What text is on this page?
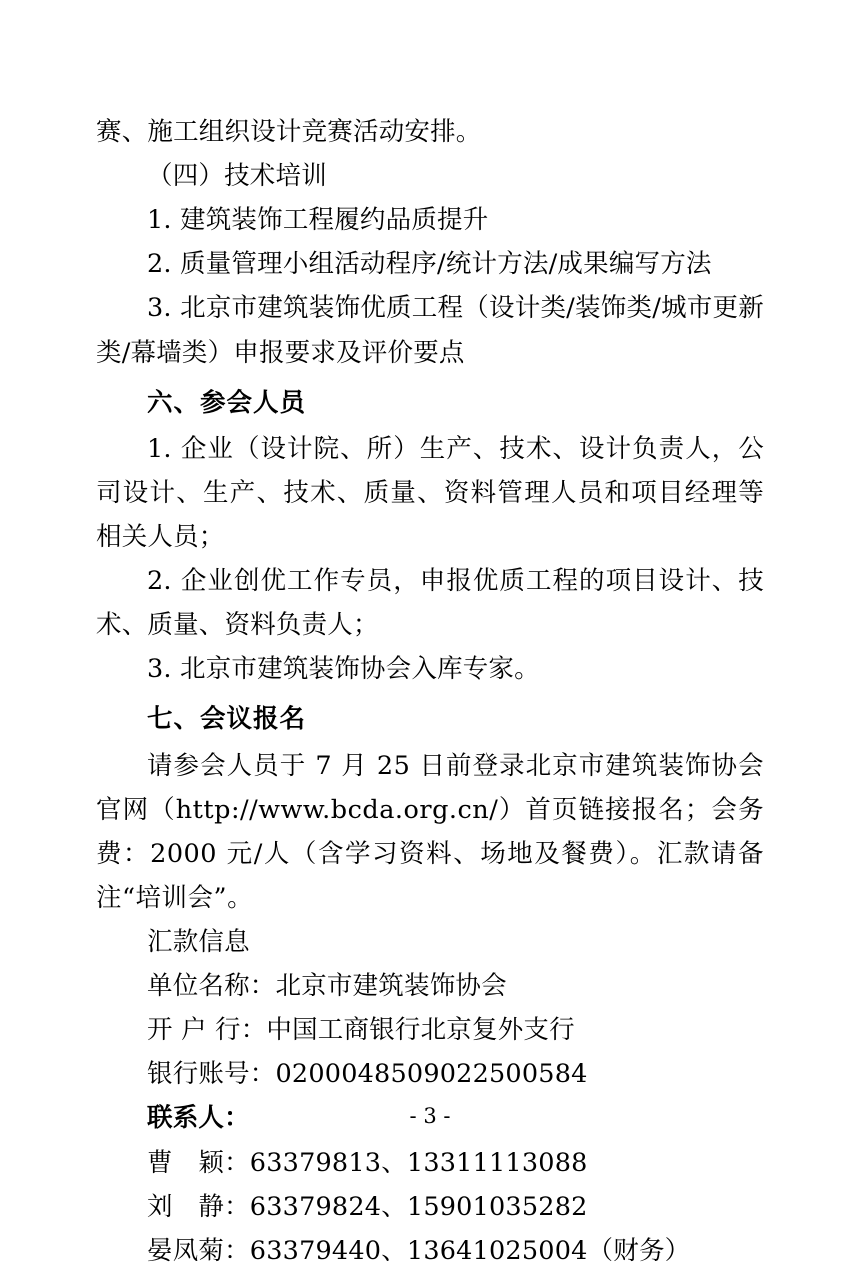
赛、施工组织设计竞赛活动安排。

（四）技术培训

1. 建筑装饰工程履约品质提升

2. 质量管理小组活动程序/统计方法/成果编写方法

3. 北京市建筑装饰优质工程（设计类/装饰类/城市更新类/幕墙类）申报要求及评价要点

六、参会人员

1. 企业（设计院、所）生产、技术、设计负责人，公司设计、生产、技术、质量、资料管理人员和项目经理等相关人员；

2. 企业创优工作专员，申报优质工程的项目设计、技术、质量、资料负责人；

3. 北京市建筑装饰协会入库专家。

七、会议报名

请参会人员于 7 月 25 日前登录北京市建筑装饰协会官网（http://www.bcda.org.cn/）首页链接报名；会务费：2000 元/人（含学习资料、场地及餐费）。汇款请备注“培训会”。

汇款信息

单位名称：北京市建筑装饰协会

开 户 行：中国工商银行北京复外支行

银行账号：0200048509022500584

联系人：

曹　颖：63379813、13311113088

刘　静：63379824、15901035282

晏凤菊：63379440、13641025004（财务）

- 3 -
